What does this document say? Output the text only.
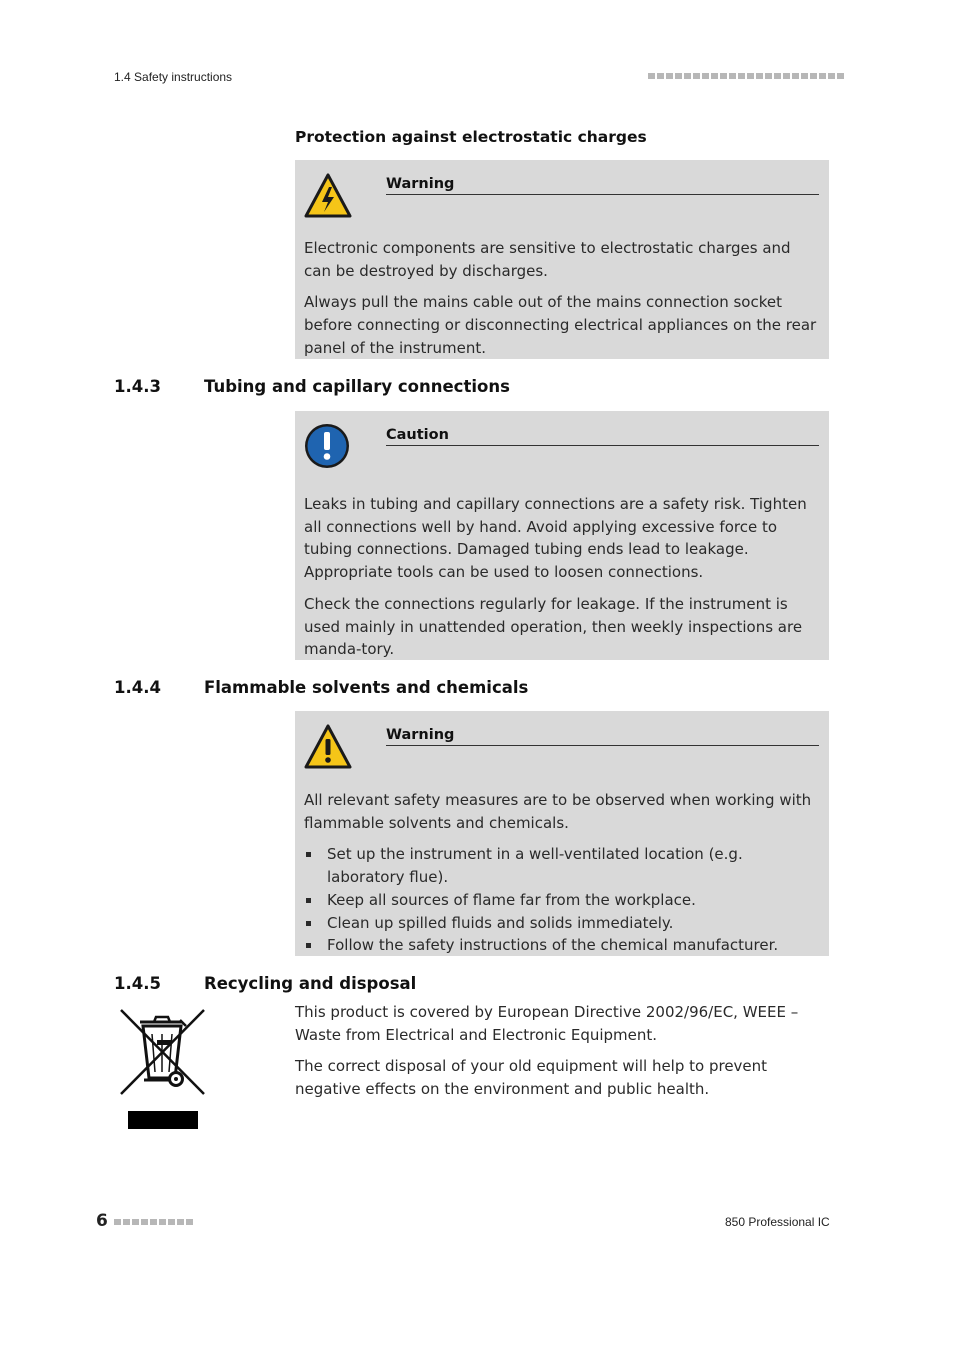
1.4 Safety instructions
Protection against electrostatic charges
Warning

Electronic components are sensitive to electrostatic charges and can be destroyed by discharges.

Always pull the mains cable out of the mains connection socket before connecting or disconnecting electrical appliances on the rear panel of the instrument.

1.4.3	Tubing and capillary connections
Caution

Leaks in tubing and capillary connections are a safety risk. Tighten all connections well by hand. Avoid applying excessive force to tubing connections. Damaged tubing ends lead to leakage. Appropriate tools can be used to loosen connections.

Check the connections regularly for leakage. If the instrument is used mainly in unattended operation, then weekly inspections are manda-tory.

1.4.4	Flammable solvents and chemicals
Warning

All relevant safety measures are to be observed when working with flammable solvents and chemicals.

Set up the instrument in a well-ventilated location (e.g. laboratory flue).
Keep all sources of flame far from the workplace.
Clean up spilled fluids and solids immediately.
Follow the safety instructions of the chemical manufacturer.
1.4.5	Recycling and disposal

This product is covered by European Directive 2002/96/EC, WEEE – Waste from Electrical and Electronic Equipment.

The correct disposal of your old equipment will help to prevent negative effects on the environment and public health.

6	850 Professional IC
